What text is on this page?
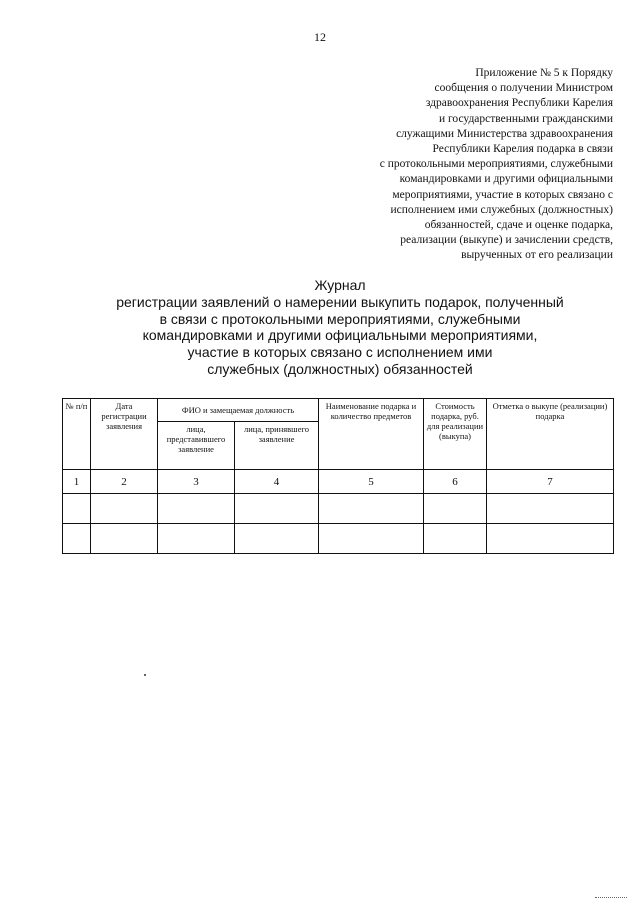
12
Приложение № 5 к Порядку
сообщения о получении Министром
здравоохранения Республики Карелия
и государственными гражданскими
служащими Министерства здравоохранения
Республики Карелия подарка в связи
с протокольными мероприятиями, служебными
командировками и другими официальными
мероприятиями, участие в которых связано с
исполнением ими служебных (должностных)
обязанностей, сдаче и оценке подарка,
реализации (выкупе) и зачислении средств,
вырученных от его реализации
Журнал
регистрации заявлений о намерении выкупить подарок, полученный
в связи с протокольными мероприятиями, служебными
командировками и другими официальными мероприятиями,
участие в которых связано с исполнением ими
служебных (должностных) обязанностей
№ п/п	Дата регистрации заявления	ФИО и замещаемая должность		Наименование подарка и количество предметов	Стоимость подарка, руб. для реализации (выкупа)	Отметка о выкупе (реализации) подарка
		лица, представившего заявление	лица, принявшего заявление			
1	2	3	4	5	6	7
